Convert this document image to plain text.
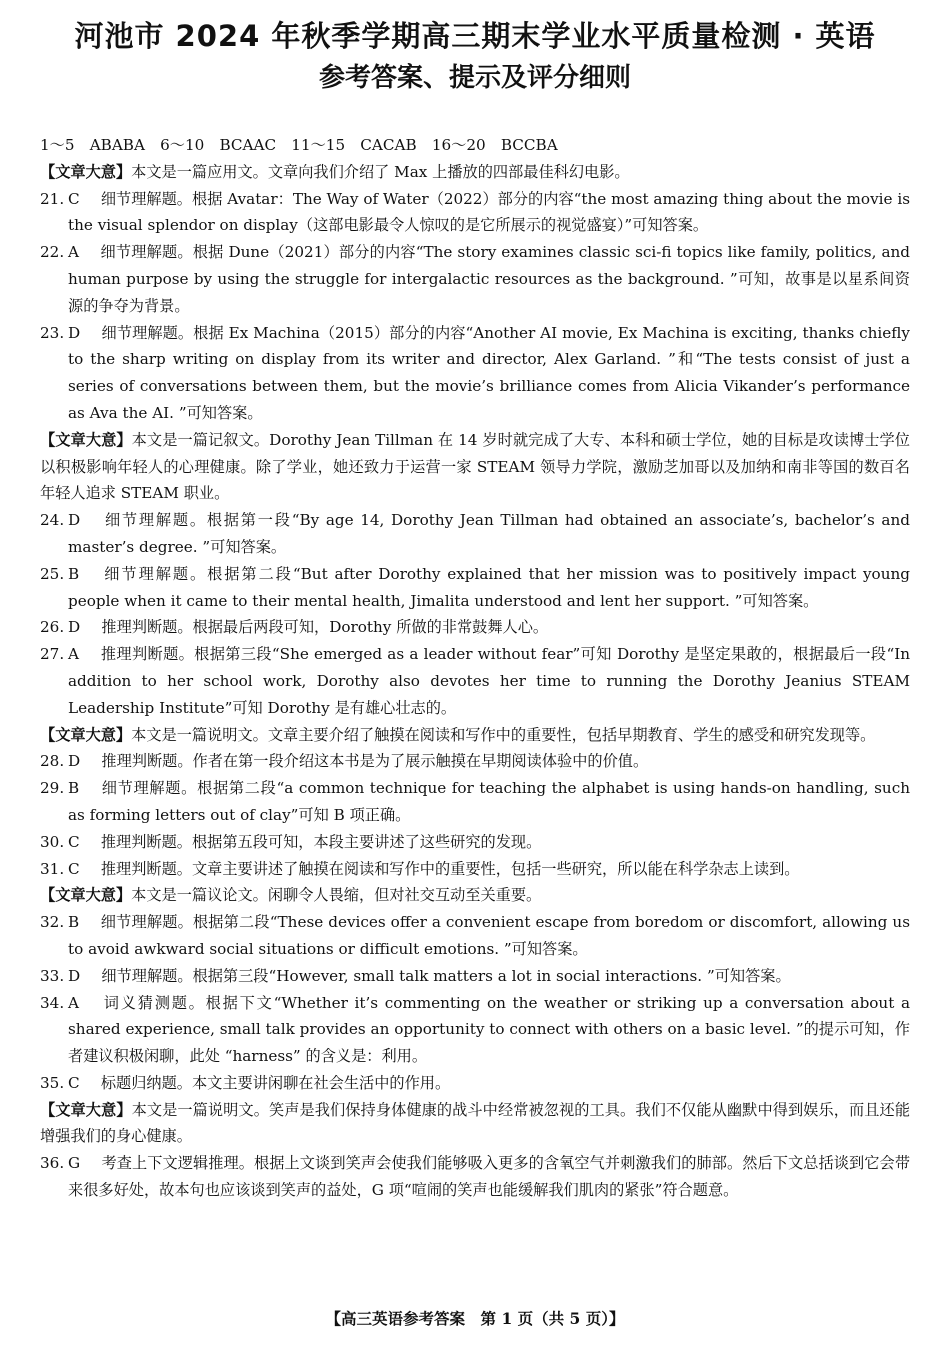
河池市 2024 年秋季学期高三期末学业水平质量检测 · 英语
参考答案、提示及评分细则

1～5　ABABA　6～10　BCAAC　11～15　CACAB　16～20　BCCBA

【文章大意】本文是一篇应用文。文章向我们介绍了 Max 上播放的四部最佳科幻电影。

21. C　细节理解题。根据 Avatar：The Way of Water（2022）部分的内容“the most amazing thing about the movie is the visual splendor on display（这部电影最令人惊叹的是它所展示的视觉盛宴）”可知答案。

22. A　细节理解题。根据 Dune（2021）部分的内容“The story examines classic sci-fi topics like family, politics, and human purpose by using the struggle for intergalactic resources as the background. ”可知，故事是以星系间资源的争夺为背景。

23. D　细节理解题。根据 Ex Machina（2015）部分的内容“Another AI movie, Ex Machina is exciting, thanks chiefly to the sharp writing on display from its writer and director, Alex Garland. ”和“The tests consist of just a series of conversations between them, but the movie’s brilliance comes from Alicia Vikander’s performance as Ava the AI. ”可知答案。

【文章大意】本文是一篇记叙文。Dorothy Jean Tillman 在 14 岁时就完成了大专、本科和硕士学位，她的目标是攻读博士学位以积极影响年轻人的心理健康。除了学业，她还致力于运营一家 STEAM 领导力学院，激励芝加哥以及加纳和南非等国的数百名年轻人追求 STEAM 职业。

24. D　细节理解题。根据第一段“By age 14, Dorothy Jean Tillman had obtained an associate’s, bachelor’s and master’s degree. ”可知答案。

25. B　细节理解题。根据第二段“But after Dorothy explained that her mission was to positively impact young people when it came to their mental health, Jimalita understood and lent her support. ”可知答案。

26. D　推理判断题。根据最后两段可知，Dorothy 所做的非常鼓舞人心。

27. A　推理判断题。根据第三段“She emerged as a leader without fear”可知 Dorothy 是坚定果敢的，根据最后一段“In addition to her school work, Dorothy also devotes her time to running the Dorothy Jeanius STEAM Leadership Institute”可知 Dorothy 是有雄心壮志的。

【文章大意】本文是一篇说明文。文章主要介绍了触摸在阅读和写作中的重要性，包括早期教育、学生的感受和研究发现等。

28. D　推理判断题。作者在第一段介绍这本书是为了展示触摸在早期阅读体验中的价值。

29. B　细节理解题。根据第二段“a common technique for teaching the alphabet is using hands-on handling, such as forming letters out of clay”可知 B 项正确。

30. C　推理判断题。根据第五段可知，本段主要讲述了这些研究的发现。

31. C　推理判断题。文章主要讲述了触摸在阅读和写作中的重要性，包括一些研究，所以能在科学杂志上读到。

【文章大意】本文是一篇议论文。闲聊令人畏缩，但对社交互动至关重要。

32. B　细节理解题。根据第二段“These devices offer a convenient escape from boredom or discomfort, allowing us to avoid awkward social situations or difficult emotions. ”可知答案。

33. D　细节理解题。根据第三段“However, small talk matters a lot in social interactions. ”可知答案。

34. A　词义猜测题。根据下文“Whether it’s commenting on the weather or striking up a conversation about a shared experience, small talk provides an opportunity to connect with others on a basic level. ”的提示可知，作者建议积极闲聊，此处 “harness” 的含义是：利用。

35. C　标题归纳题。本文主要讲闲聊在社会生活中的作用。

【文章大意】本文是一篇说明文。笑声是我们保持身体健康的战斗中经常被忽视的工具。我们不仅能从幽默中得到娱乐，而且还能增强我们的身心健康。

36. G　考查上下文逻辑推理。根据上文谈到笑声会使我们能够吸入更多的含氧空气并刺激我们的肺部。然后下文总括谈到它会带来很多好处，故本句也应该谈到笑声的益处，G 项“喧闹的笑声也能缓解我们肌肉的紧张”符合题意。

【高三英语参考答案　第 1 页（共 5 页）】
